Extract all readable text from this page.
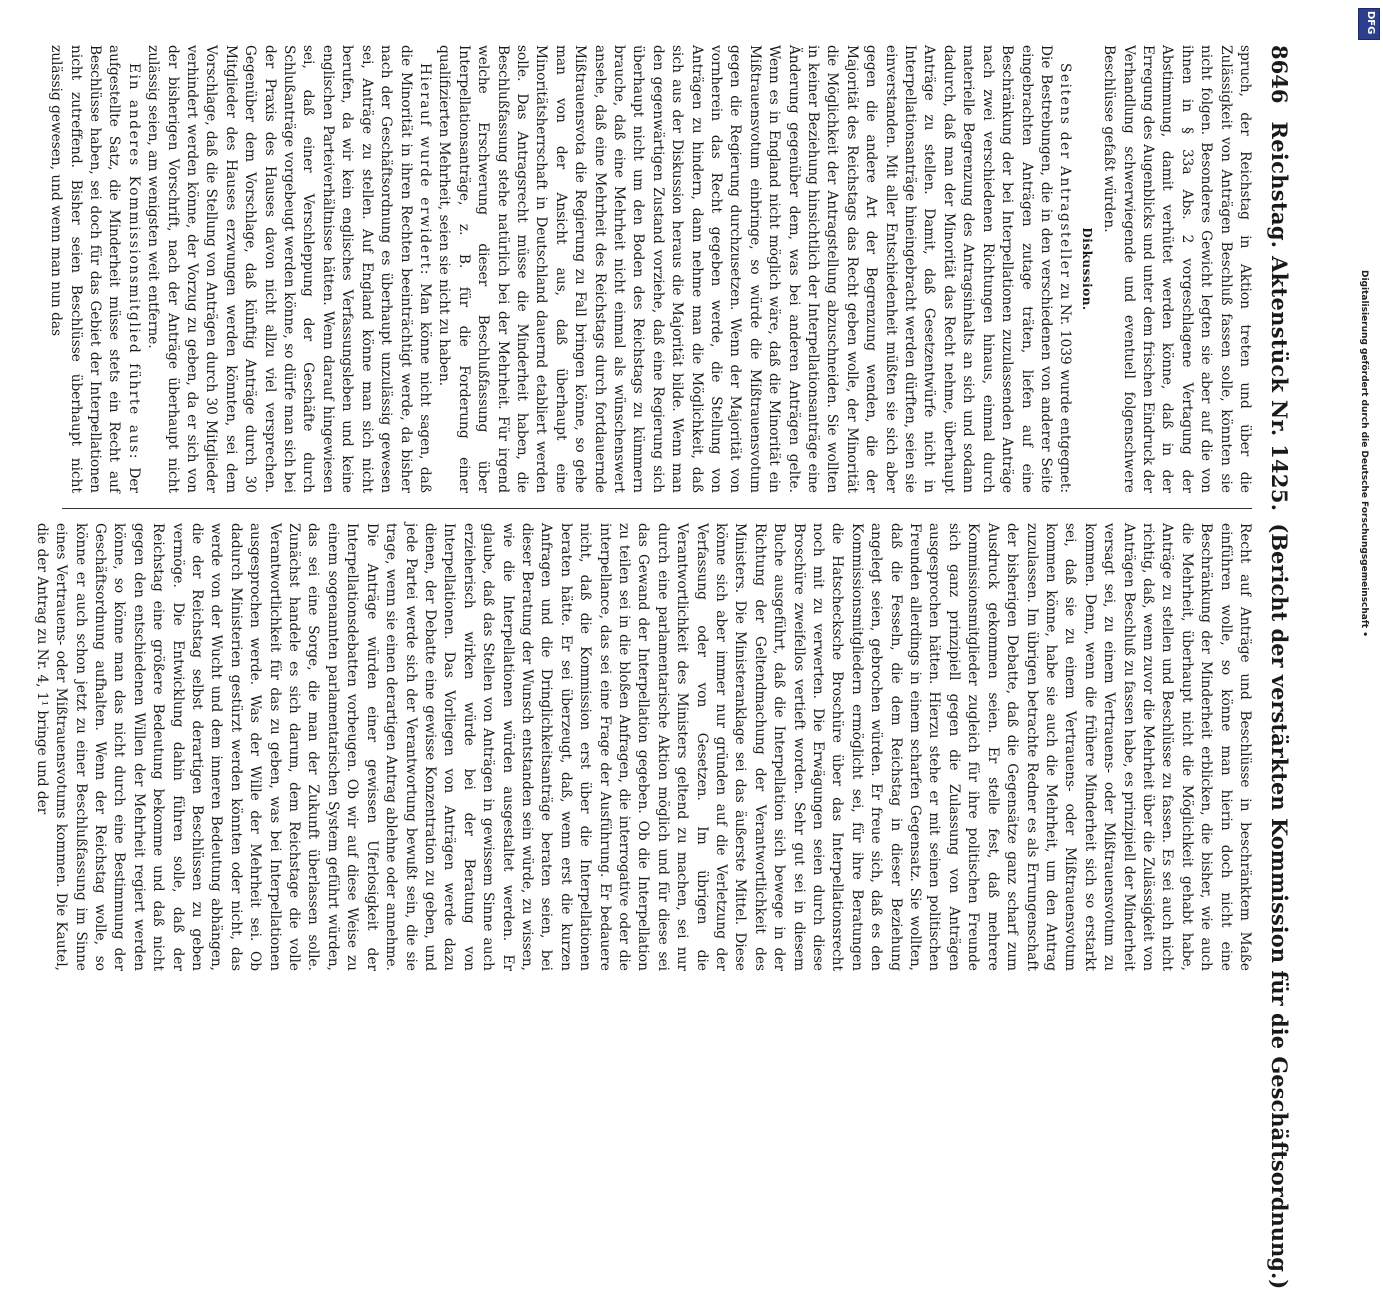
DFG
Digitalisierung gefördert durch die Deutsche Forschungsgemeinschaft •
8646
Reichstag. Aktenstück Nr. 1425.
(Bericht der verstärkten Kommission für die Geschäftsordnung.)

spruch, der Reichstag in Aktion treten und über die Zulässigkeit von Anträgen Beschluß fassen solle, könnten sie nicht folgen. Besonderes Gewicht legten sie aber auf die von ihnen in § 33a Abs. 2 vorgeschlagene Vertagung der Abstimmung, damit verhütet werden könne, daß in der Erregung des Augenblicks und unter dem frischen Eindruck der Verhandlung schwerwiegende und eventuell folgenschwere Beschlüsse gefaßt würden.

Diskussion.

Seitens der Antragsteller zu Nr. 1039 wurde entgegnet: Die Bestrebungen, die in den verschiedenen von anderer Seite eingebrachten Anträgen zutage träten, liefen auf eine Beschränkung der bei Interpellationen zuzulassenden Anträge nach zwei verschiedenen Richtungen hinaus, einmal durch materielle Begrenzung des Antragsinhalts an sich und sodann dadurch, daß man der Minorität das Recht nehme, überhaupt Anträge zu stellen. Damit, daß Gesetzentwürfe nicht in Interpellationsanträge hineingebracht werden dürften, seien sie einverstanden. Mit aller Entschiedenheit müßten sie sich aber gegen die andere Art der Begrenzung wenden, die der Majorität des Reichstags das Recht geben wolle, der Minorität die Möglichkeit der Antragstellung abzuschneiden. Sie wollten in keiner Beziehung hinsichtlich der Interpellationsanträge eine Änderung gegenüber dem, was bei anderen Anträgen gelte. Wenn es in England nicht möglich wäre, daß die Minorität ein Mißtrauensvotum einbringe, so würde die Mißtrauensvotum gegen die Regierung durchzusetzen. Wenn der Majorität von vornherein das Recht gegeben werde, die Stellung von Anträgen zu hindern, dann nehme man die Möglichkeit, daß sich aus der Diskussion heraus die Majorität bilde. Wenn man den gegenwärtigen Zustand vorziehe, daß eine Regierung sich überhaupt nicht um den Boden des Reichstags zu kümmern brauche, daß eine Mehrheit nicht einmal als wünschenswert ansehe, daß eine Mehrheit des Reichstags durch fortdauernde Mißtrauensvota die Regierung zu Fall bringen könne, so gehe man von der Ansicht aus, daß überhaupt eine Minoritätsherrschaft in Deutschland dauernd etabliert werden solle. Das Antragsrecht müsse die Minderheit haben, die Beschlußfassung stehe natürlich bei der Mehrheit. Für irgend welche Erschwerung dieser Beschlußfassung über Interpellationsanträge, z. B. für die Forderung einer qualifizierten Mehrheit, seien sie nicht zu haben.

Hierauf wurde erwidert: Man könne nicht sagen, daß die Minorität in ihren Rechten beeinträchtigt werde, da bisher nach der Geschäftsordnung es überhaupt unzulässig gewesen sei, Anträge zu stellen. Auf England könne man sich nicht berufen, da wir kein englisches Verfassungsleben und keine englischen Parteiverhältnisse hätten. Wenn darauf hingewiesen sei, daß einer Verschleppung der Geschäfte durch Schlußanträge vorgebeugt werden könne, so dürfe man sich bei der Praxis des Hauses davon nicht allzu viel versprechen. Gegenüber dem Vorschlage, daß künftig Anträge durch 30 Mitglieder des Hauses erzwungen werden könnten, sei dem Vorschlage, daß die Stellung von Anträgen durch 30 Mitglieder verhindert werden könne, der Vorzug zu geben, da er sich von der bisherigen Vorschrift, nach der Anträge überhaupt nicht zulässig seien, am wenigsten weit entferne.

Ein anderes Kommissionsmitglied führte aus: Der aufgestellte Satz, die Minderheit müsse stets ein Recht auf Beschlüsse haben, sei doch für das Gebiet der Interpellationen nicht zutreffend. Bisher seien Beschlüsse überhaupt nicht zulässig gewesen, und wenn man nun das

Recht auf Anträge und Beschlüsse in beschränktem Maße einführen wolle, so könne man hierin doch nicht eine Beschränkung der Minderheit erblicken, die bisher, wie auch die Mehrheit, überhaupt nicht die Möglichkeit gehabt habe, Anträge zu stellen und Beschlüsse zu fassen. Es sei auch nicht richtig, daß, wenn zuvor die Mehrheit über die Zulässigkeit von Anträgen Beschluß zu fassen habe, es prinzipiell der Minderheit versagt sei, zu einem Vertrauens- oder Mißtrauensvotum zu kommen. Denn, wenn die frühere Minderheit sich so erstarkt sei, daß sie zu einem Vertrauens- oder Mißtrauensvotum kommen könne, habe sie auch die Mehrheit, um den Antrag zuzulassen. Im übrigen betrachte Redner es als Errungenschaft der bisherigen Debatte, daß die Gegensätze ganz scharf zum Ausdruck gekommen seien. Er stelle fest, daß mehrere Kommissionsmitglieder zugleich für ihre politischen Freunde sich ganz prinzipiell gegen die Zulassung von Anträgen ausgesprochen hätten. Hierzu stehe er mit seinen politischen Freunden allerdings in einem scharfen Gegensatz. Sie wollten, daß die Fesseln, die dem Reichstag in dieser Beziehung angelegt seien, gebrochen würden. Er freue sich, daß es den Kommissionsmitgliedern ermöglicht sei, für ihre Beratungen die Hatschecksche Broschüre über das Interpellationsrecht noch mit zu verwerten. Die Erwägungen seien durch diese Broschüre zweifellos vertieft worden. Sehr gut sei in diesem Buche ausgeführt, daß die Interpellation sich bewege in der Richtung der Geltendmachung der Verantwortlichkeit des Ministers. Die Ministeranklage sei das äußerste Mittel. Diese könne sich aber immer nur gründen auf die Verletzung der Verfassung oder von Gesetzen. Im übrigen die Verantwortlichkeit des Ministers geltend zu machen, sei nur durch eine parlamentarische Aktion möglich und für diese sei das Gewand der Interpellation gegeben. Ob die Interpellation zu teilen sei in die bloßen Anfragen, die interrogative oder die interpellance, das sei eine Frage der Ausführung. Er bedauere nicht, daß die Kommission erst über die Interpellationen beraten hätte. Er sei überzeugt, daß, wenn erst die kurzen Anfragen und die Dringlichkeitsanträge beraten seien, bei dieser Beratung der Wunsch entstanden sein würde, zu wissen, wie die Interpellationen würden ausgestaltet werden. Er glaube, daß das Stellen von Anträgen in gewissem Sinne auch erzieherisch wirken würde bei der Beratung von Interpellationen. Das Vorliegen von Anträgen werde dazu dienen, der Debatte eine gewisse Konzentration zu geben, und jede Partei werde sich der Verantwortung bewußt sein, die sie trage, wenn sie einen derartigen Antrag ablehne oder annehme. Die Anträge würden einer gewissen Uferlosigkeit der Interpellationsdebatten vorbeugen. Ob wir auf diese Weise zu einem sogenannten parlamentarischen System geführt würden, das sei eine Sorge, die man der Zukunft überlassen solle. Zunächst handele es sich darum, dem Reichstage die volle Verantwortlichkeit für das zu geben, was bei Interpellationen ausgesprochen werde. Was der Wille der Mehrheit sei. Ob dadurch Ministerien gestürzt werden könnten oder nicht, das werde von der Wucht und dem inneren Bedeutung abhängen, die der Reichstag selbst derartigen Beschlüssen zu geben vermöge. Die Entwicklung dahin führen solle, daß der Reichstag eine größere Bedeutung bekomme und daß nicht gegen den entschiedenen Willen der Mehrheit regiert werden könne, so könne man das nicht durch eine Bestimmung der Geschäftsordnung aufhalten. Wenn der Reichstag wolle, so könne er auch schon jetzt zu einer Beschlußfassung im Sinne eines Vertrauens- oder Mißtrauensvotums kommen. Die Kautel, die der Antrag zu Nr. 4, 1¹ bringe und der
